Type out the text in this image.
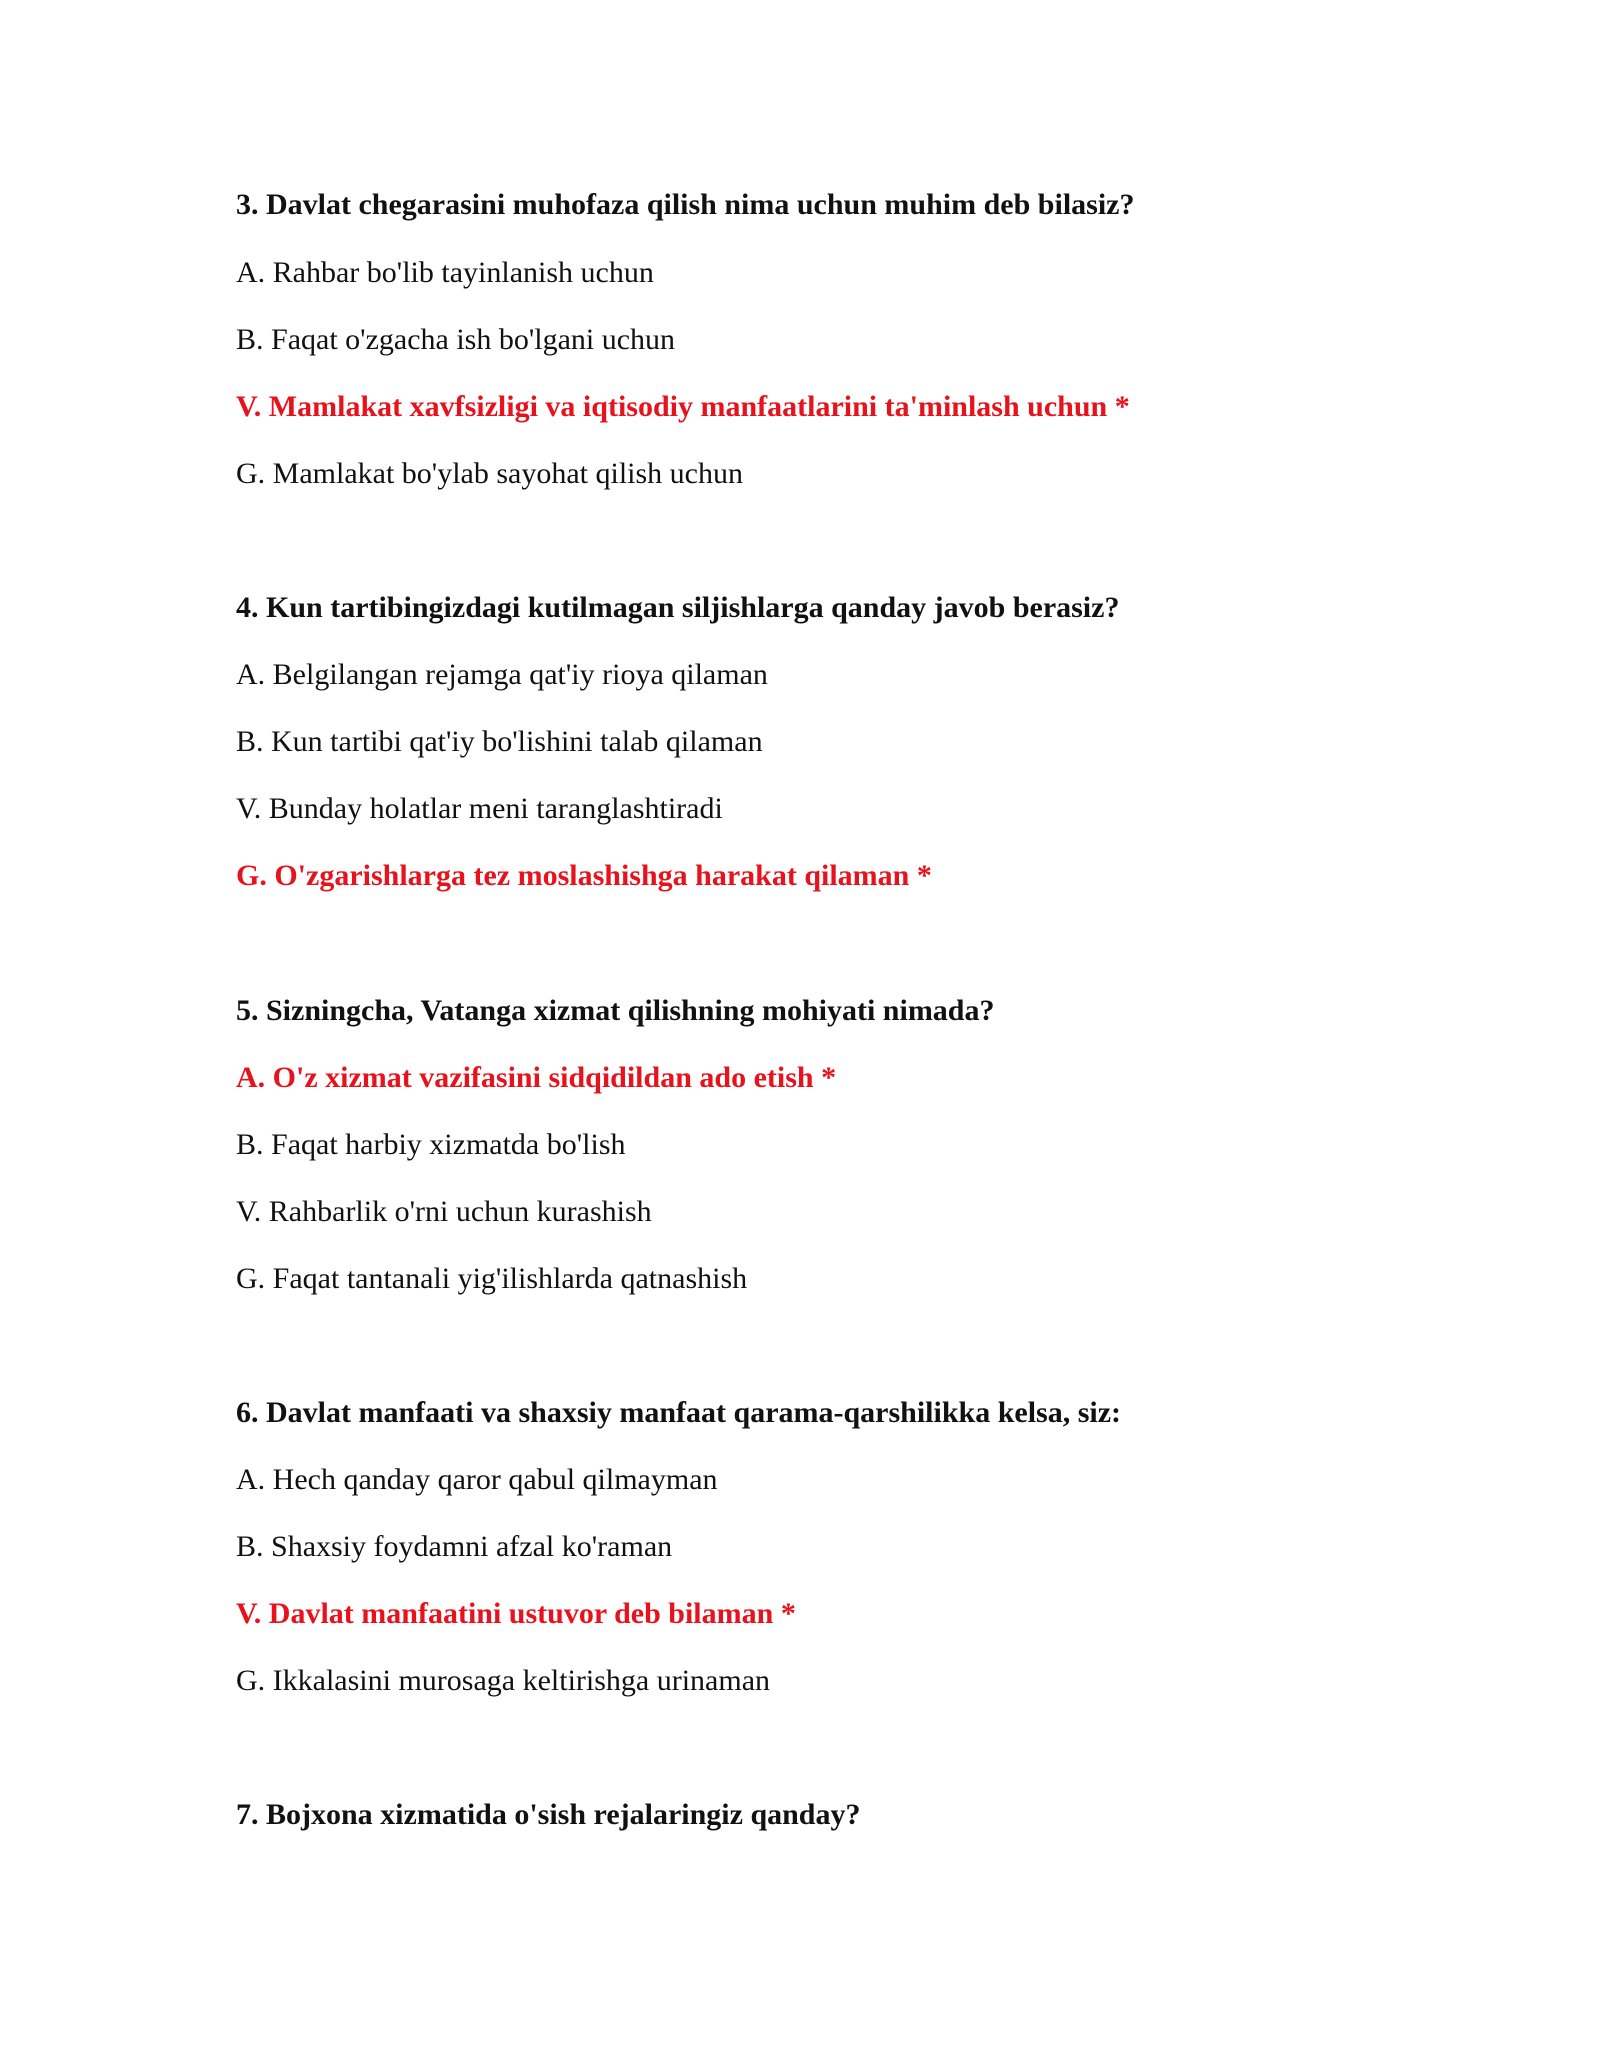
3. Davlat chegarasini muhofaza qilish nima uchun muhim deb bilasiz?
A. Rahbar bo'lib tayinlanish uchun
B. Faqat o'zgacha ish bo'lgani uchun
V. Mamlakat xavfsizligi va iqtisodiy manfaatlarini ta'minlash uchun *
G. Mamlakat bo'ylab sayohat qilish uchun
4. Kun tartibingizdagi kutilmagan siljishlarga qanday javob berasiz?
A. Belgilangan rejamga qat'iy rioya qilaman
B. Kun tartibi qat'iy bo'lishini talab qilaman
V. Bunday holatlar meni taranglashtiradi
G. O'zgarishlarga tez moslashishga harakat qilaman *
5. Sizningcha, Vatanga xizmat qilishning mohiyati nimada?
A. O'z xizmat vazifasini sidqidildan ado etish *
B. Faqat harbiy xizmatda bo'lish
V. Rahbarlik o'rni uchun kurashish
G. Faqat tantanali yig'ilishlarda qatnashish
6. Davlat manfaati va shaxsiy manfaat qarama-qarshilikka kelsa, siz:
A. Hech qanday qaror qabul qilmayman
B. Shaxsiy foydamni afzal ko'raman
V. Davlat manfaatini ustuvor deb bilaman *
G. Ikkalasini murosaga keltirishga urinaman
7. Bojxona xizmatida o'sish rejalaringiz qanday?
